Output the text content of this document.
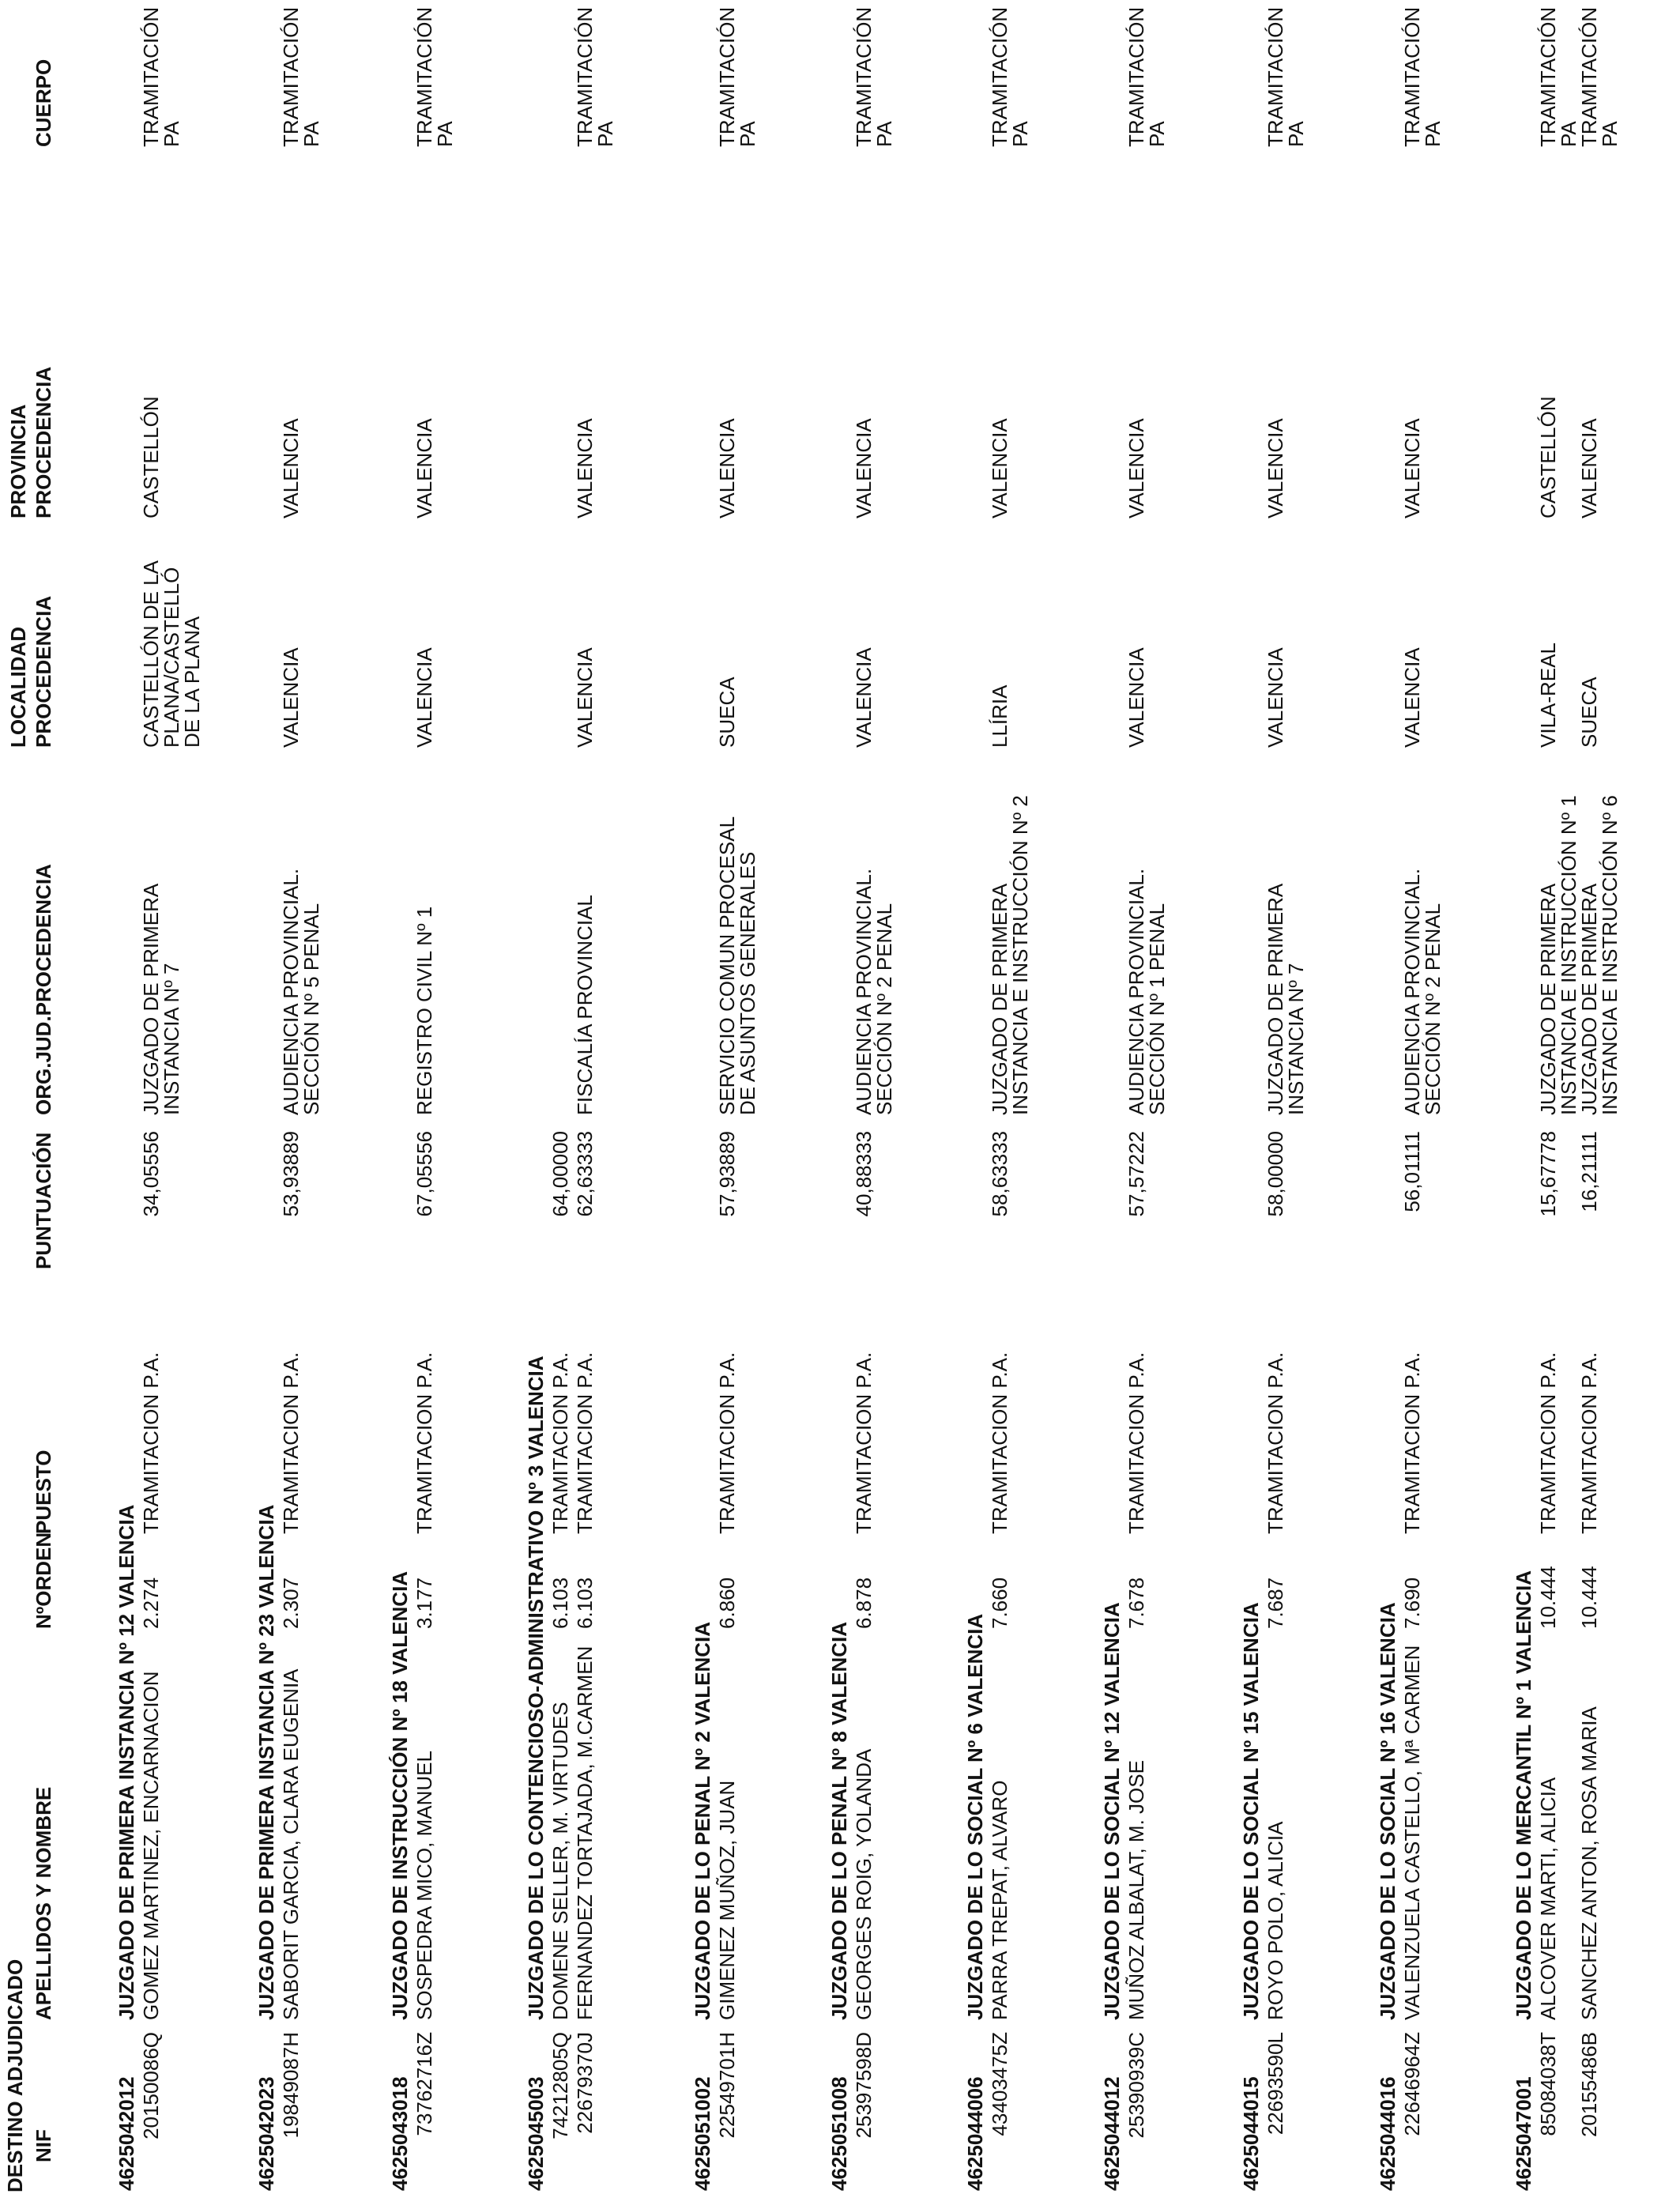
DESTINO ADJUDICADO NIF
APELLIDOS Y NOMBRE
NºORDEN
PUESTO
PUNTUACIÓN
ORG.JUD.PROCEDENCIA
LOCALIDAD PROCEDENCIA
PROVINCIA PROCEDENCIA
CUERPO
4625042012
JUZGADO DE PRIMERA INSTANCIA Nº 12 VALENCIA
20150086Q
GOMEZ MARTINEZ, ENCARNACION
2.274
TRAMITACION P.A.
34,05556
JUZGADO DE PRIMERA
INSTANCIA Nº 7
CASTELLÓN DE LA
PLANA/CASTELLÓ
DE LA PLANA
CASTELLÓN
TRAMITACIÓN
PA
4625042023
JUZGADO DE PRIMERA INSTANCIA Nº 23 VALENCIA
19849087H
SABORIT GARCIA, CLARA EUGENIA
2.307
TRAMITACION P.A.
53,93889
AUDIENCIA PROVINCIAL.
SECCIÓN Nº 5 PENAL
VALENCIA
VALENCIA
TRAMITACIÓN
PA
4625043018
JUZGADO DE INSTRUCCIÓN Nº 18 VALENCIA
73762716Z
SOSPEDRA MICO, MANUEL
3.177
TRAMITACION P.A.
67,05556
REGISTRO CIVIL Nº 1
VALENCIA
VALENCIA
TRAMITACIÓN
PA
4625045003
JUZGADO DE LO CONTENCIOSO-ADMINISTRATIVO Nº 3 VALENCIA
74212805Q
DOMENE SELLER, M. VIRTUDES
6.103
TRAMITACION P.A.
64,00000
22679370J
FERNANDEZ TORTAJADA, M.CARMEN
6.103
TRAMITACION P.A.
62,63333
FISCALÍA PROVINCIAL
VALENCIA
VALENCIA
TRAMITACIÓN
PA
4625051002
JUZGADO DE LO PENAL Nº 2 VALENCIA
22549701H
GIMENEZ MUÑOZ, JUAN
6.860
TRAMITACION P.A.
57,93889
SERVICIO COMUN PROCESAL
DE ASUNTOS GENERALES
SUECA
VALENCIA
TRAMITACIÓN
PA
4625051008
JUZGADO DE LO PENAL Nº 8 VALENCIA
25397598D
GEORGES ROIG, YOLANDA
6.878
TRAMITACION P.A.
40,88333
AUDIENCIA PROVINCIAL.
SECCIÓN Nº 2 PENAL
VALENCIA
VALENCIA
TRAMITACIÓN
PA
4625044006
JUZGADO DE LO SOCIAL Nº 6 VALENCIA
43403475Z
PARRA TREPAT, ALVARO
7.660
TRAMITACION P.A.
58,63333
JUZGADO DE PRIMERA
INSTANCIA E INSTRUCCIÓN Nº 2
LLÍRIA
VALENCIA
TRAMITACIÓN
PA
4625044012
JUZGADO DE LO SOCIAL Nº 12 VALENCIA
25390939C
MUÑOZ ALBALAT, M. JOSE
7.678
TRAMITACION P.A.
57,57222
AUDIENCIA PROVINCIAL.
SECCIÓN Nº 1 PENAL
VALENCIA
VALENCIA
TRAMITACIÓN
PA
4625044015
JUZGADO DE LO SOCIAL Nº 15 VALENCIA
22693590L
ROYO POLO, ALICIA
7.687
TRAMITACION P.A.
58,00000
JUZGADO DE PRIMERA
INSTANCIA Nº 7
VALENCIA
VALENCIA
TRAMITACIÓN
PA
4625044016
JUZGADO DE LO SOCIAL Nº 16 VALENCIA
22646964Z
VALENZUELA CASTELLO, Mª CARMEN
7.690
TRAMITACION P.A.
56,01111
AUDIENCIA PROVINCIAL.
SECCIÓN Nº 2 PENAL
VALENCIA
VALENCIA
TRAMITACIÓN
PA
4625047001
JUZGADO DE LO MERCANTIL Nº 1 VALENCIA
85084038T
ALCOVER MARTI, ALICIA
10.444
TRAMITACION P.A.
15,67778
JUZGADO DE PRIMERA
INSTANCIA E INSTRUCCIÓN Nº 1
VILA-REAL
CASTELLÓN
TRAMITACIÓN
PA
20155486B
SANCHEZ ANTON, ROSA MARIA
10.444
TRAMITACION P.A.
16,21111
JUZGADO DE PRIMERA
INSTANCIA E INSTRUCCIÓN Nº 6
SUECA
VALENCIA
TRAMITACIÓN
PA
